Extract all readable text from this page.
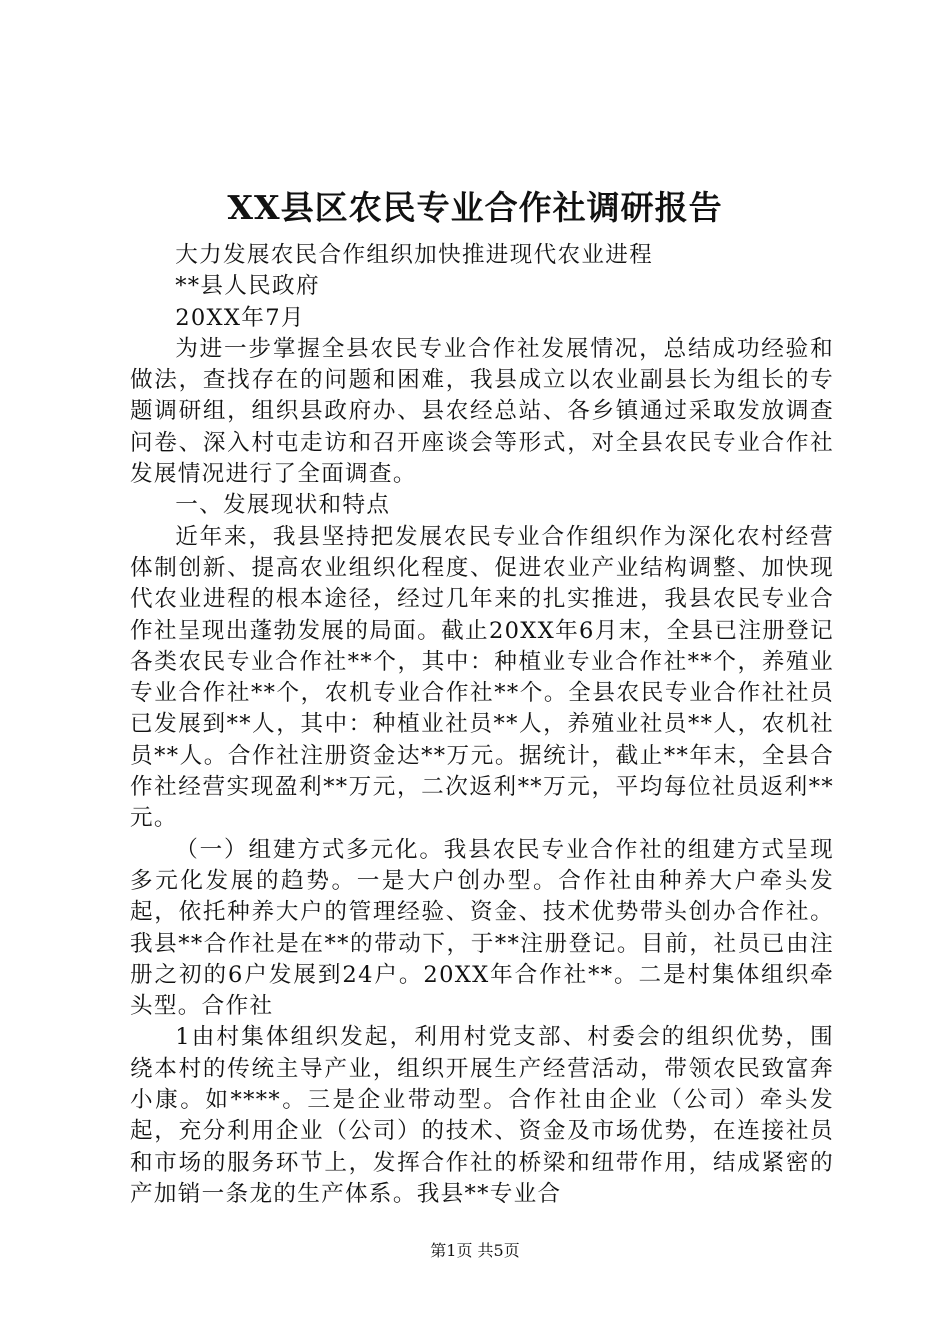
XX县区农民专业合作社调研报告

大力发展农民合作组织加快推进现代农业进程

**县人民政府

20XX年7月

为进一步掌握全县农民专业合作社发展情况，总结成功经验和做法，查找存在的问题和困难，我县成立以农业副县长为组长的专题调研组，组织县政府办、县农经总站、各乡镇通过采取发放调查问卷、深入村屯走访和召开座谈会等形式，对全县农民专业合作社发展情况进行了全面调查。

一、发展现状和特点

近年来，我县坚持把发展农民专业合作组织作为深化农村经营体制创新、提高农业组织化程度、促进农业产业结构调整、加快现代农业进程的根本途径，经过几年来的扎实推进，我县农民专业合作社呈现出蓬勃发展的局面。截止20XX年6月末，全县已注册登记各类农民专业合作社**个，其中：种植业专业合作社**个，养殖业专业合作社**个，农机专业合作社**个。全县农民专业合作社社员已发展到**人，其中：种植业社员**人，养殖业社员**人，农机社员**人。合作社注册资金达**万元。据统计，截止**年末，全县合作社经营实现盈利**万元，二次返利**万元，平均每位社员返利**元。

（一）组建方式多元化。我县农民专业合作社的组建方式呈现多元化发展的趋势。一是大户创办型。合作社由种养大户牵头发起，依托种养大户的管理经验、资金、技术优势带头创办合作社。我县**合作社是在**的带动下，于**注册登记。目前，社员已由注册之初的6户发展到24户。20XX年合作社**。二是村集体组织牵头型。合作社

1由村集体组织发起，利用村党支部、村委会的组织优势，围绕本村的传统主导产业，组织开展生产经营活动，带领农民致富奔小康。如****。三是企业带动型。合作社由企业（公司）牵头发起，充分利用企业（公司）的技术、资金及市场优势，在连接社员和市场的服务环节上，发挥合作社的桥梁和纽带作用，结成紧密的产加销一条龙的生产体系。我县**专业合

第1页 共5页
